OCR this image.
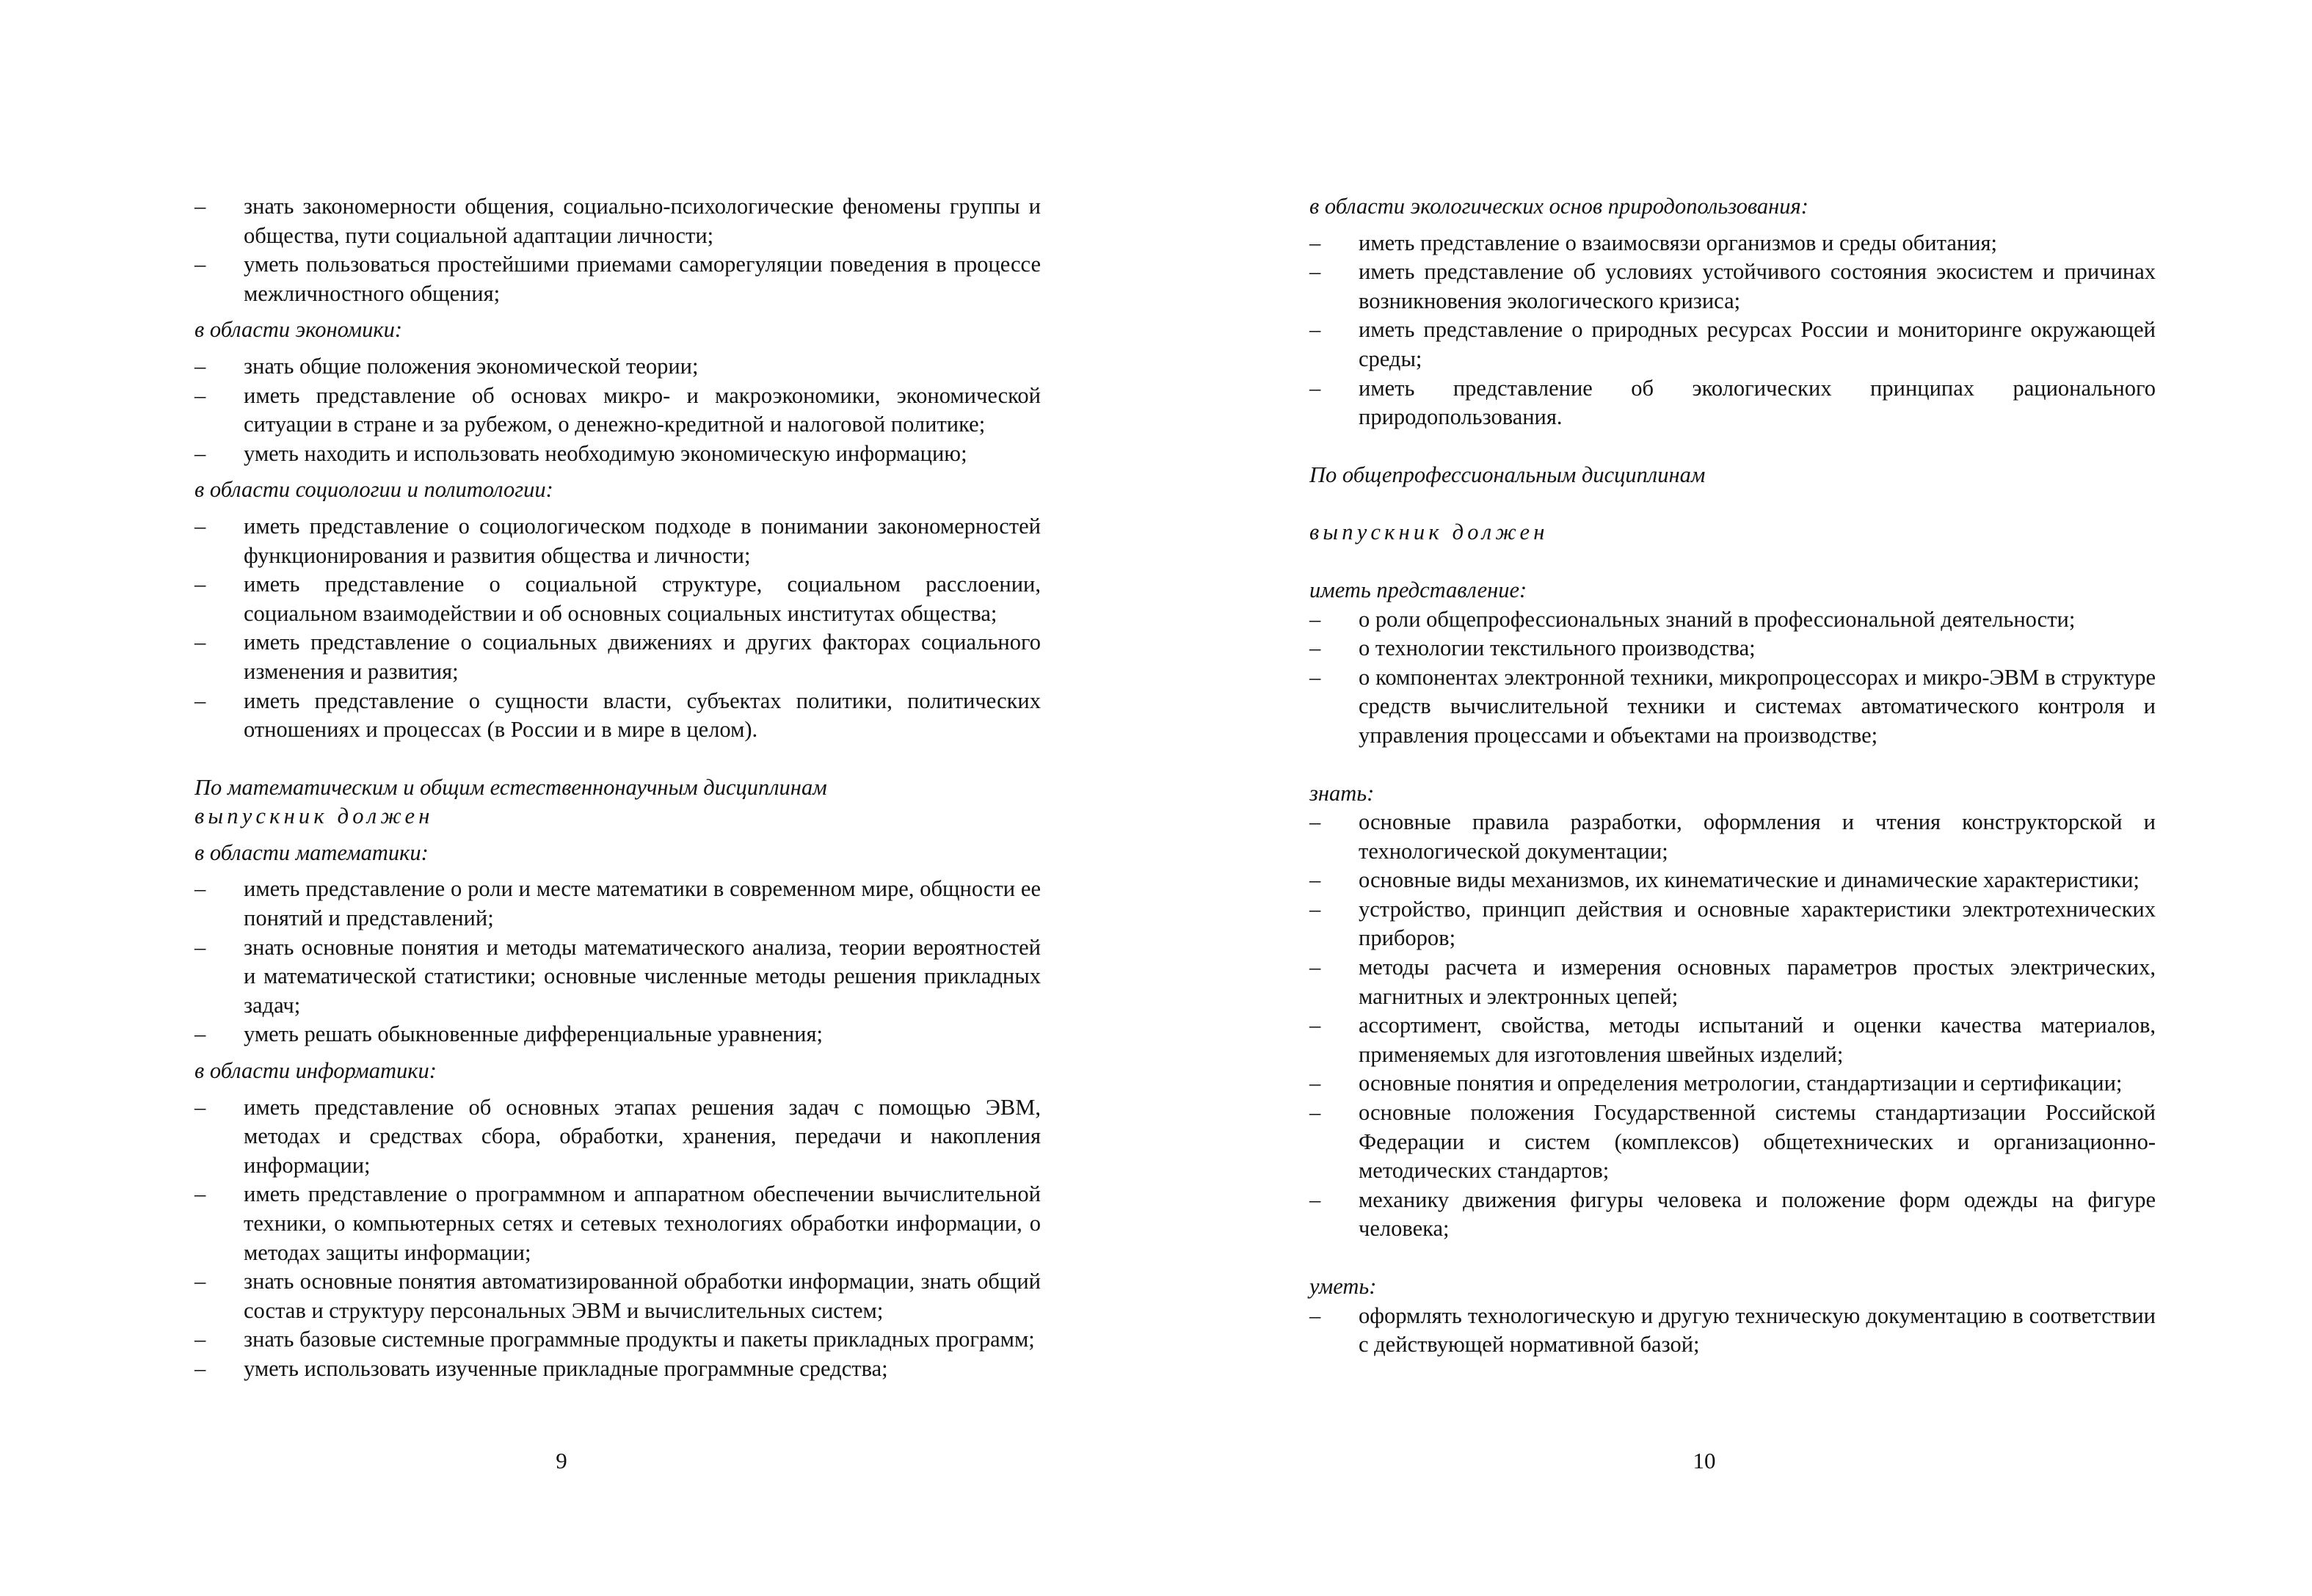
– знать закономерности общения, социально-психологические феномены группы и общества, пути социальной адаптации личности;
– уметь пользоваться простейшими приемами саморегуляции поведения в процессе межличностного общения;
в области экономики:
– знать общие положения экономической теории;
– иметь представление об основах микро- и макроэкономики, экономической ситуации в стране и за рубежом, о денежно-кредитной и налоговой политике;
– уметь находить и использовать необходимую экономическую информацию;
в области социологии и политологии:
– иметь представление о социологическом подходе в понимании закономерностей функционирования и развития общества и личности;
– иметь представление о социальной структуре, социальном расслоении, социальном взаимодействии и об основных социальных институтах общества;
– иметь представление о социальных движениях и других факторах социального изменения и развития;
– иметь представление о сущности власти, субъектах политики, политических отношениях и процессах (в России и в мире в целом).
По математическим и общим естественнонаучным дисциплинам
выпускник должен
в области математики:
– иметь представление о роли и месте математики в современном мире, общности ее понятий и представлений;
– знать основные понятия и методы математического анализа, теории вероятностей и математической статистики; основные численные методы решения прикладных задач;
– уметь решать обыкновенные дифференциальные уравнения;
в области информатики:
– иметь представление об основных этапах решения задач с помощью ЭВМ, методах и средствах сбора, обработки, хранения, передачи и накопления информации;
– иметь представление о программном и аппаратном обеспечении вычислительной техники, о компьютерных сетях и сетевых технологиях обработки информации, о методах защиты информации;
– знать основные понятия автоматизированной обработки информации, знать общий состав и структуру персональных ЭВМ и вычислительных систем;
– знать базовые системные программные продукты и пакеты прикладных программ;
– уметь использовать изученные прикладные программные средства;
9
в области экологических основ природопользования:
– иметь представление о взаимосвязи организмов и среды обитания;
– иметь представление об условиях устойчивого состояния экосистем и причинах возникновения экологического кризиса;
– иметь представление о природных ресурсах России и мониторинге окружающей среды;
– иметь представление об экологических принципах рационального природопользования.
По общепрофессиональным дисциплинам
выпускник должен
иметь представление:
– о роли общепрофессиональных знаний в профессиональной деятельности;
– о технологии текстильного производства;
– о компонентах электронной техники, микропроцессорах и микро-ЭВМ в структуре средств вычислительной техники и системах автоматического контроля и управления процессами и объектами на производстве;
знать:
– основные правила разработки, оформления и чтения конструкторской и технологической документации;
– основные виды механизмов, их кинематические и динамические характеристики;
– устройство, принцип действия и основные характеристики электротехнических приборов;
– методы расчета и измерения основных параметров простых электрических, магнитных и электронных цепей;
– ассортимент, свойства, методы испытаний и оценки качества материалов, применяемых для изготовления швейных изделий;
– основные понятия и определения метрологии, стандартизации и сертификации;
– основные положения Государственной системы стандартизации Российской Федерации и систем (комплексов) общетехнических и организационно-методических стандартов;
– механику движения фигуры человека и положение форм одежды на фигуре человека;
уметь:
– оформлять технологическую и другую техническую документацию в соответствии с действующей нормативной базой;
10
